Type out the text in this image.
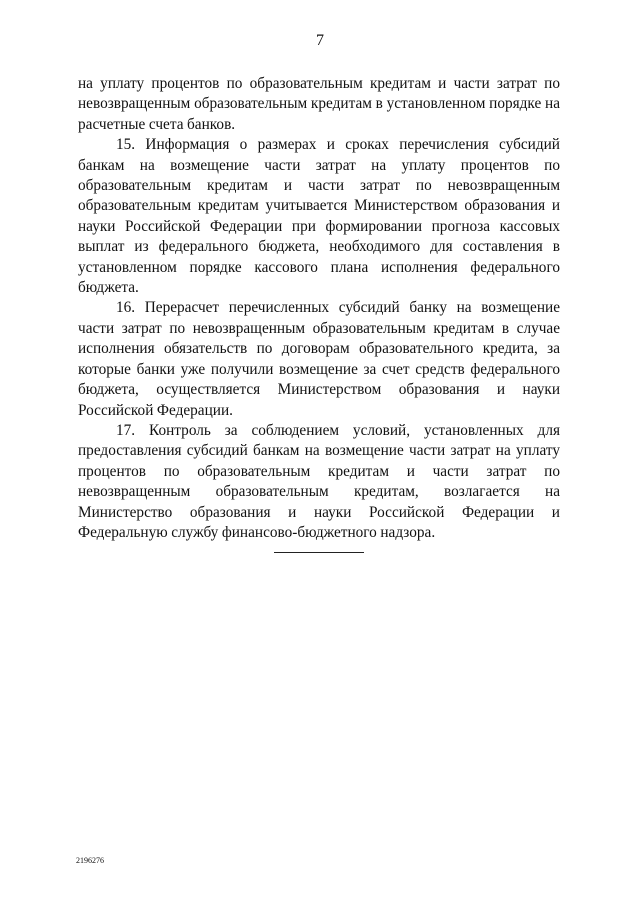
7

на уплату процентов по образовательным кредитам и части затрат по невозвращенным образовательным кредитам в установленном порядке на расчетные счета банков.

15. Информация о размерах и сроках перечисления субсидий банкам на возмещение части затрат на уплату процентов по образовательным кредитам и части затрат по невозвращенным образовательным кредитам учитывается Министерством образования и науки Российской Федерации при формировании прогноза кассовых выплат из федерального бюджета, необходимого для составления в установленном порядке кассового плана исполнения федерального бюджета.

16. Перерасчет перечисленных субсидий банку на возмещение части затрат по невозвращенным образовательным кредитам в случае исполнения обязательств по договорам образовательного кредита, за которые банки уже получили возмещение за счет средств федерального бюджета, осуществляется Министерством образования и науки Российской Федерации.

17. Контроль за соблюдением условий, установленных для предоставления субсидий банкам на возмещение части затрат на уплату процентов по образовательным кредитам и части затрат по невозвращенным образовательным кредитам, возлагается на Министерство образования и науки Российской Федерации и Федеральную службу финансово-бюджетного надзора.

2196276
